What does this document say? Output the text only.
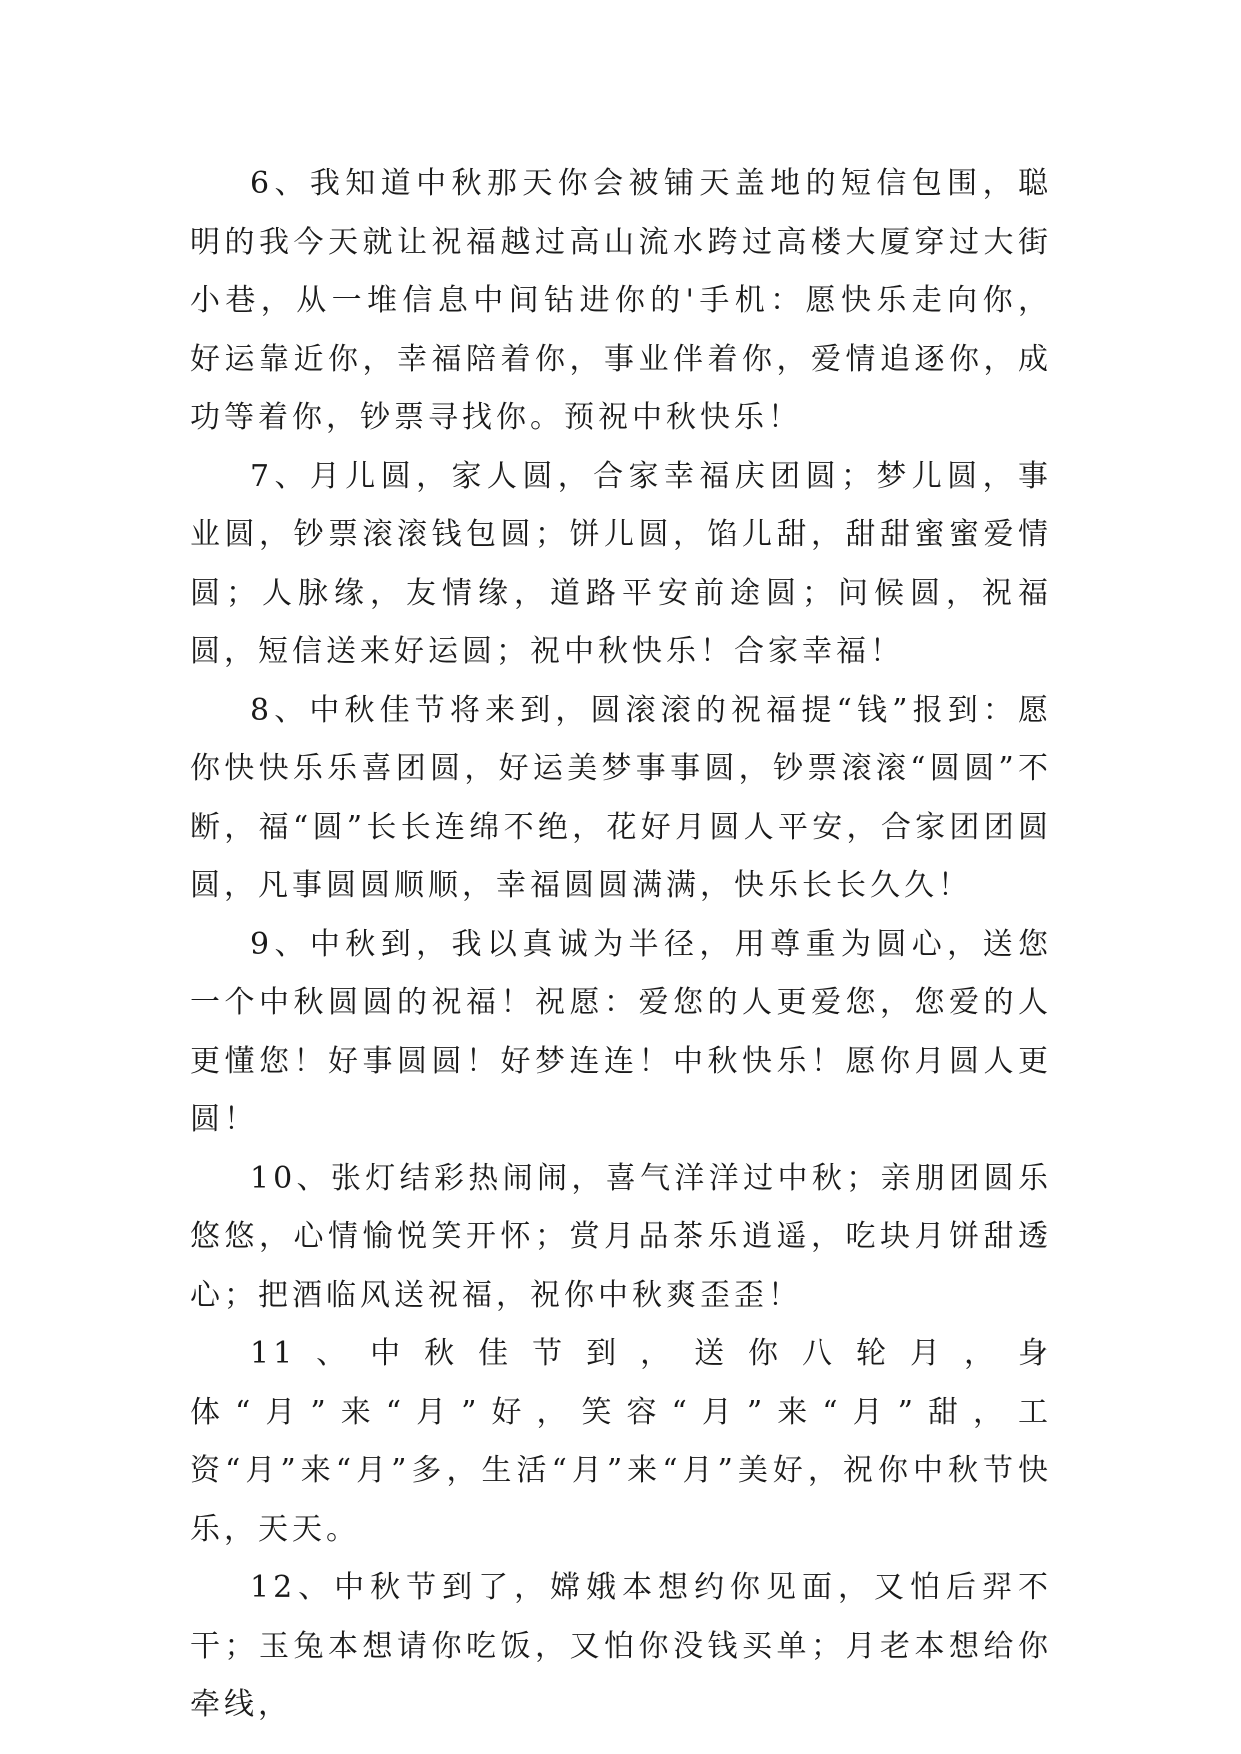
6、我知道中秋那天你会被铺天盖地的短信包围，聪明的我今天就让祝福越过高山流水跨过高楼大厦穿过大街小巷，从一堆信息中间钻进你的'手机：愿快乐走向你，好运靠近你，幸福陪着你，事业伴着你，爱情追逐你，成功等着你，钞票寻找你。预祝中秋快乐！

7、月儿圆，家人圆，合家幸福庆团圆；梦儿圆，事业圆，钞票滚滚钱包圆；饼儿圆，馅儿甜，甜甜蜜蜜爱情圆；人脉缘，友情缘，道路平安前途圆；问候圆，祝福圆，短信送来好运圆；祝中秋快乐！合家幸福！

8、中秋佳节将来到，圆滚滚的祝福提“钱”报到：愿你快快乐乐喜团圆，好运美梦事事圆，钞票滚滚“圆圆”不断，福“圆”长长连绵不绝，花好月圆人平安，合家团团圆圆，凡事圆圆顺顺，幸福圆圆满满，快乐长长久久！

9、中秋到，我以真诚为半径，用尊重为圆心，送您一个中秋圆圆的祝福！祝愿：爱您的人更爱您，您爱的人更懂您！好事圆圆！好梦连连！中秋快乐！愿你月圆人更圆！

10、张灯结彩热闹闹，喜气洋洋过中秋；亲朋团圆乐悠悠，心情愉悦笑开怀；赏月品茶乐逍遥，吃块月饼甜透心；把酒临风送祝福，祝你中秋爽歪歪！

11、中秋佳节到，送你八轮月，身体“月”来“月”好，笑容“月”来“月”甜，工资“月”来“月”多，生活“月”来“月”美好，祝你中秋节快乐，天天。

12、中秋节到了，嫦娥本想约你见面，又怕后羿不干；玉兔本想请你吃饭，又怕你没钱买单；月老本想给你牵线，
